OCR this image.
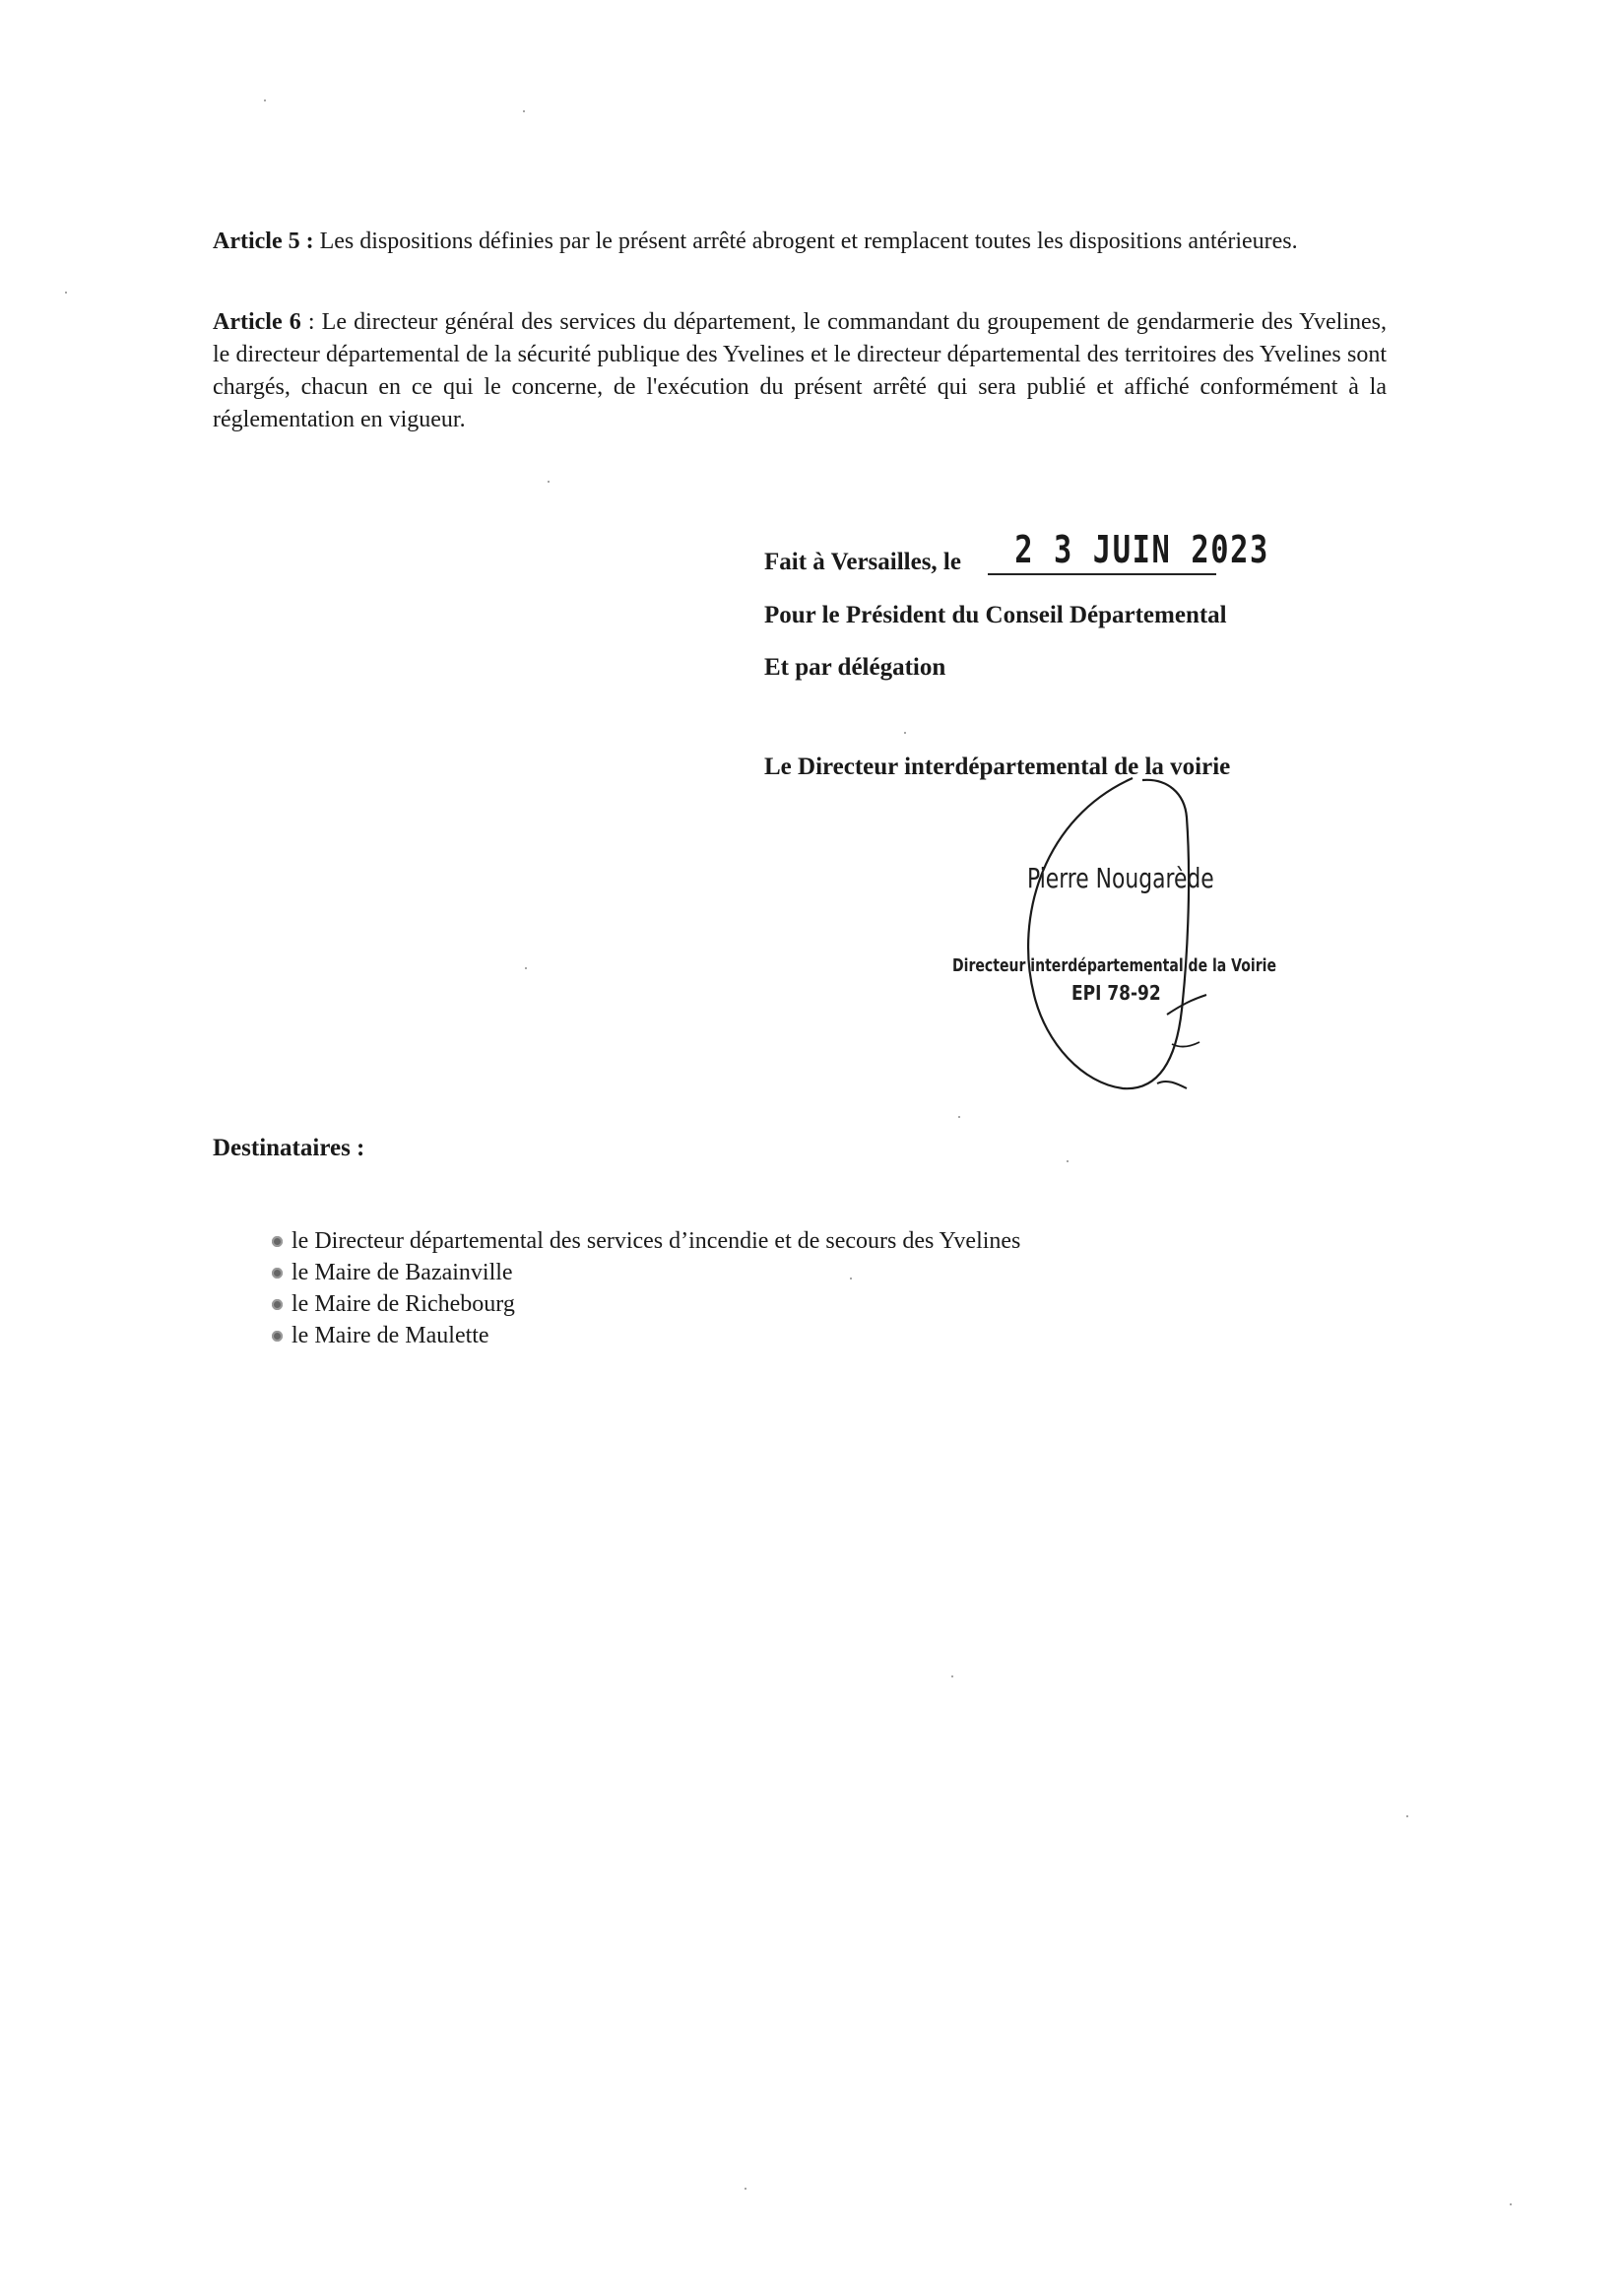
Article 5 : Les dispositions définies par le présent arrêté abrogent et remplacent toutes les dispositions antérieures.

Article 6 : Le directeur général des services du département, le commandant du groupement de gendarmerie des Yvelines, le directeur départemental de la sécurité publique des Yvelines et le directeur départemental des territoires des Yvelines sont chargés, chacun en ce qui le concerne, de l'exécution du présent arrêté qui sera publié et affiché conformément à la réglementation en vigueur.

Fait à Versailles, le	2 3 JUIN 2023
Pour le Président du Conseil Départemental
Et par délégation
Le Directeur interdépartemental de la voirie
Pierre Nougarède
Directeur interdépartemental de la Voirie
EPI 78-92
Destinataires :
le Directeur départemental des services d’incendie et de secours des Yvelines
le Maire de Bazainville
le Maire de Richebourg
le Maire de Maulette
